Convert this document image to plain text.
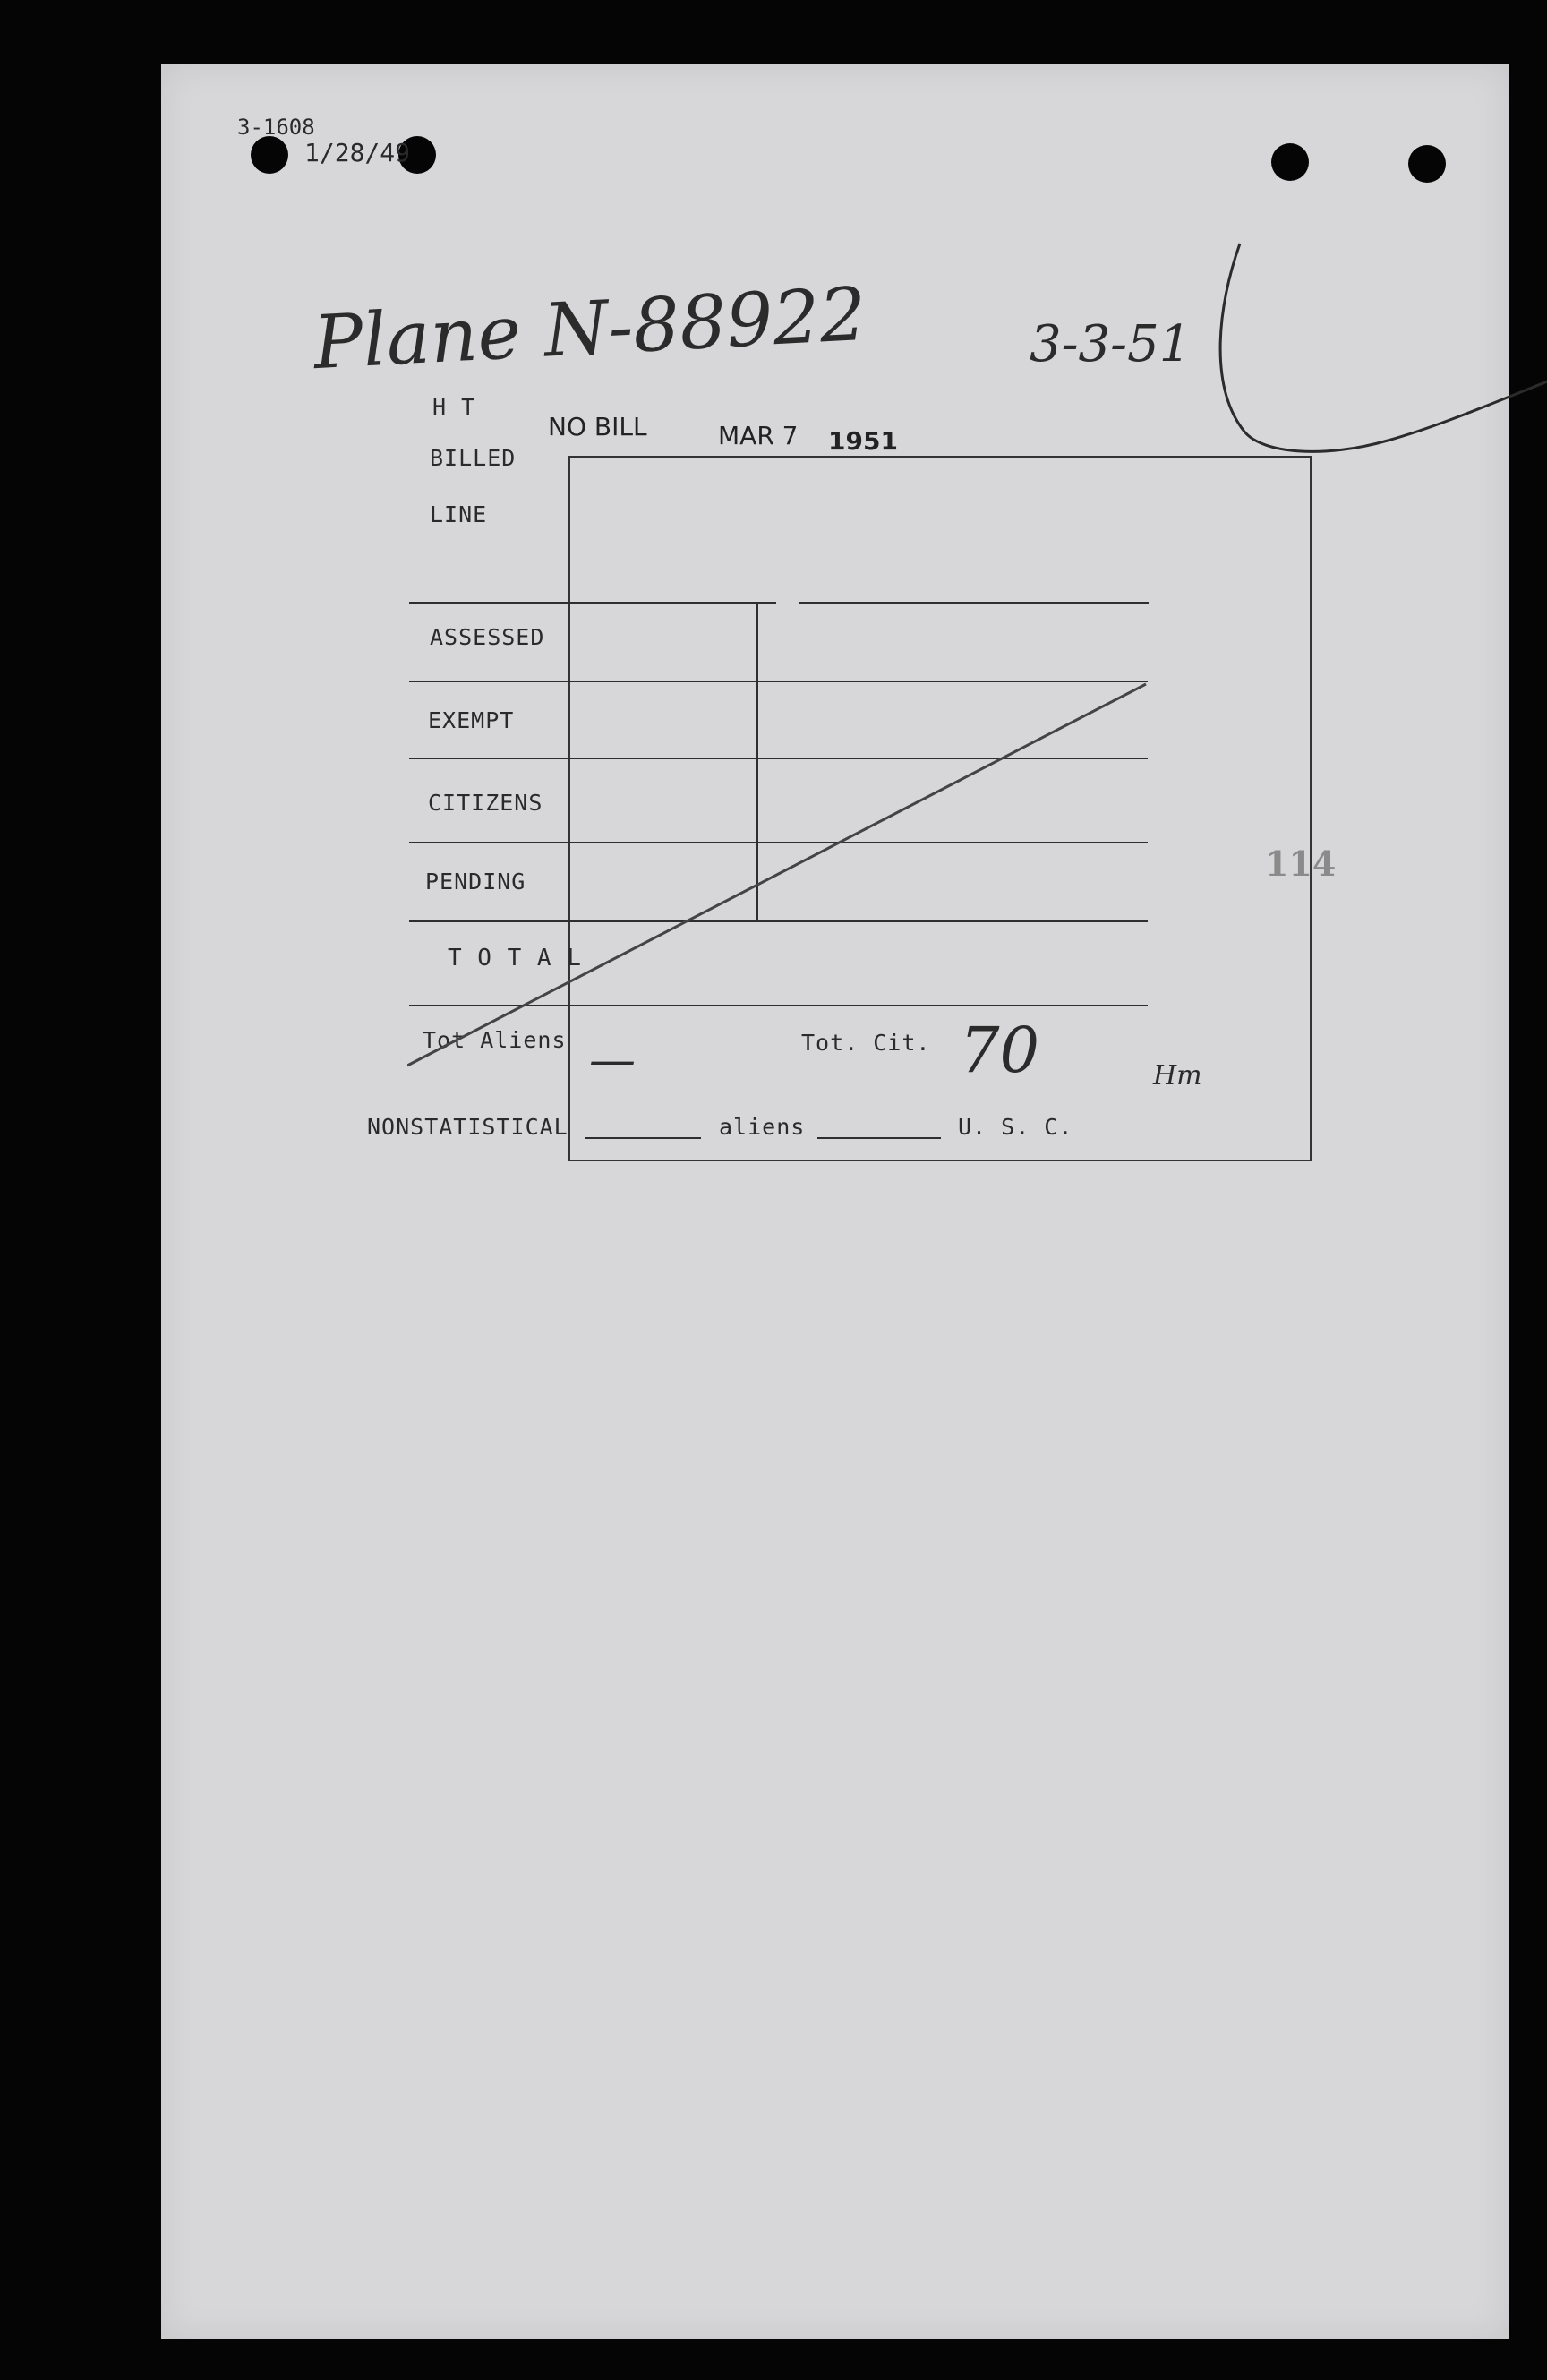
3-1608
1/28/49
Plane N-88922	3-3-51
H T
BILLED
LINE
NO BILL	MAR 7 1951
ASSESSED
EXEMPT
CITIZENS
PENDING
T O T A L
Tot Aliens —	Tot. Cit. 70	Hm
NONSTATISTICAL	aliens	U. S. C.
114
